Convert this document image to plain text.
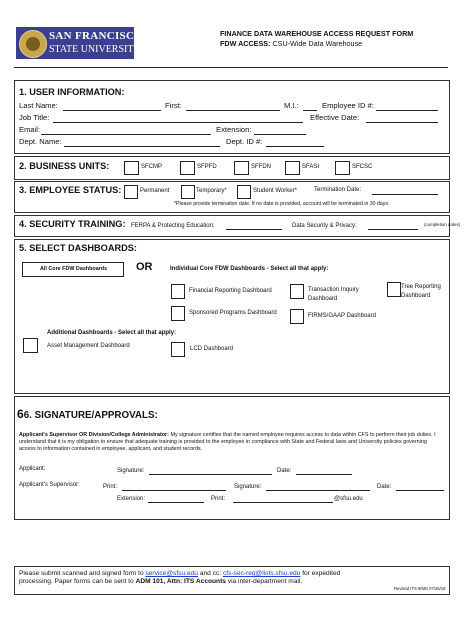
SAN FRANCISCO
STATE UNIVERSITY
FINANCE DATA WAREHOUSE ACCESS REQUEST FORM
FDW ACCESS: CSU-Wide Data Warehouse
1. USER INFORMATION:
Last Name:	First:	M.I.:	Employee ID #:
Job Title:	Effective Date:
Email:	Extension:
Dept. Name:	Dept. ID #:
2. BUSINESS UNITS:	SFCMP	SFPFD	SFFDN	SFASI	SFCSC
3. EMPLOYEE STATUS:	Permanent	Temporary*	Student Worker*	Termination Date:
*Please provide termination date. If no date is provided, account will be terminated in 30 days.
4. SECURITY TRAINING: FERPA & Protecting Education:	Data Security & Privacy:	(completion dates)
5. SELECT DASHBOARDS:
All Core FDW Dashboards	OR	Individual Core FDW Dashboards - Select all that apply:
Financial Reporting Dashboard	Transaction Inquiry Dashboard
Tree Reporting Dashboard
Sponsored Programs Dashboard	FIRMS/GAAP Dashboard
Additional Dashboards - Select all that apply:
Asset Management Dashboard	LCD Dashboard
66. SIGNATURE/APPROVALS:
Applicant's Supervisor OR Division/College Administrator: My signature certifies that the named employee requires access to data within CFS to perform their job duties. I understand that it is my obligation to ensure that adequate training is provided to the employee in compliance with State and Federal laws and University policies governing access to information contained in employee, applicant, and student records.
Applicant:	Signature:	Date:
Applicant's Supervisor:	Print:	Signature:	Date:
Extension:	Print:	@sfsu.edu
Please submit scanned and signed form to service@sfsu.edu and cc: cfs-sec-req@lists.sfsu.edu for expedited
processing. Paper forms can be sent to ADM 101, Attn: ITS Accounts via inter-department mail.
Revised ITS 8/MD 07/26/18
